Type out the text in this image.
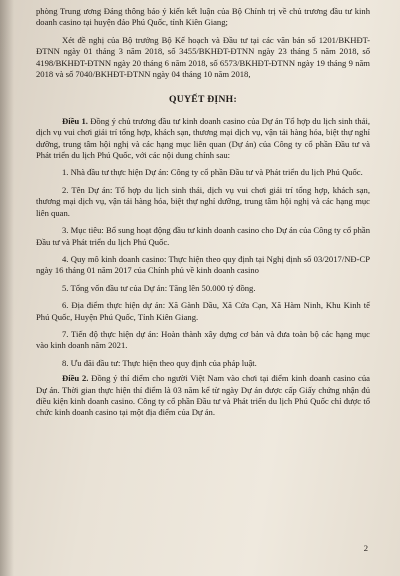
phòng Trung ương Đảng thông báo ý kiến kết luận của Bộ Chính trị về chủ trương đầu tư kinh doanh casino tại huyện đảo Phú Quốc, tỉnh Kiên Giang;

Xét đề nghị của Bộ trưởng Bộ Kế hoạch và Đầu tư tại các văn bản số 1201/BKHĐT-ĐTNN ngày 01 tháng 3 năm 2018, số 3455/BKHĐT-ĐTNN ngày 23 tháng 5 năm 2018, số 4198/BKHĐT-ĐTNN ngày 20 tháng 6 năm 2018, số 6573/BKHĐT-ĐTNN ngày 19 tháng 9 năm 2018 và số 7040/BKHĐT-ĐTNN ngày 04 tháng 10 năm 2018,

QUYẾT ĐỊNH:

Điều 1. Đồng ý chủ trương đầu tư kinh doanh casino của Dự án Tổ hợp du lịch sinh thái, dịch vụ vui chơi giải trí tổng hợp, khách sạn, thương mại dịch vụ, vận tải hàng hóa, biệt thự nghỉ dưỡng, trung tâm hội nghị và các hạng mục liên quan (Dự án) của Công ty cổ phần Đầu tư và Phát triển du lịch Phú Quốc, với các nội dung chính sau:

1. Nhà đầu tư thực hiện Dự án: Công ty cổ phần Đầu tư và Phát triển du lịch Phú Quốc.

2. Tên Dự án: Tổ hợp du lịch sinh thái, dịch vụ vui chơi giải trí tổng hợp, khách sạn, thương mại dịch vụ, vận tải hàng hóa, biệt thự nghỉ dưỡng, trung tâm hội nghị và các hạng mục liên quan.

3. Mục tiêu: Bổ sung hoạt động đầu tư kinh doanh casino cho Dự án của Công ty cổ phần Đầu tư và Phát triển du lịch Phú Quốc.

4. Quy mô kinh doanh casino: Thực hiện theo quy định tại Nghị định số 03/2017/NĐ-CP ngày 16 tháng 01 năm 2017 của Chính phủ về kinh doanh casino

5. Tổng vốn đầu tư của Dự án: Tăng lên 50.000 tỷ đồng.

6. Địa điểm thực hiện dự án: Xã Gành Dầu, Xã Cửa Cạn, Xã Hàm Ninh, Khu Kinh tế Phú Quốc, Huyện Phú Quốc, Tỉnh Kiên Giang.

7. Tiến độ thực hiện dự án: Hoàn thành xây dựng cơ bản và đưa toàn bộ các hạng mục vào kinh doanh năm 2021.

8. Ưu đãi đầu tư: Thực hiện theo quy định của pháp luật.

Điều 2. Đồng ý thí điểm cho người Việt Nam vào chơi tại điểm kinh doanh casino của Dự án. Thời gian thực hiện thí điểm là 03 năm kể từ ngày Dự án được cấp Giấy chứng nhận đủ điều kiện kinh doanh casino. Công ty cổ phần Đầu tư và Phát triển du lịch Phú Quốc chỉ được tổ chức kinh doanh casino tại một địa điểm của Dự án.

2
